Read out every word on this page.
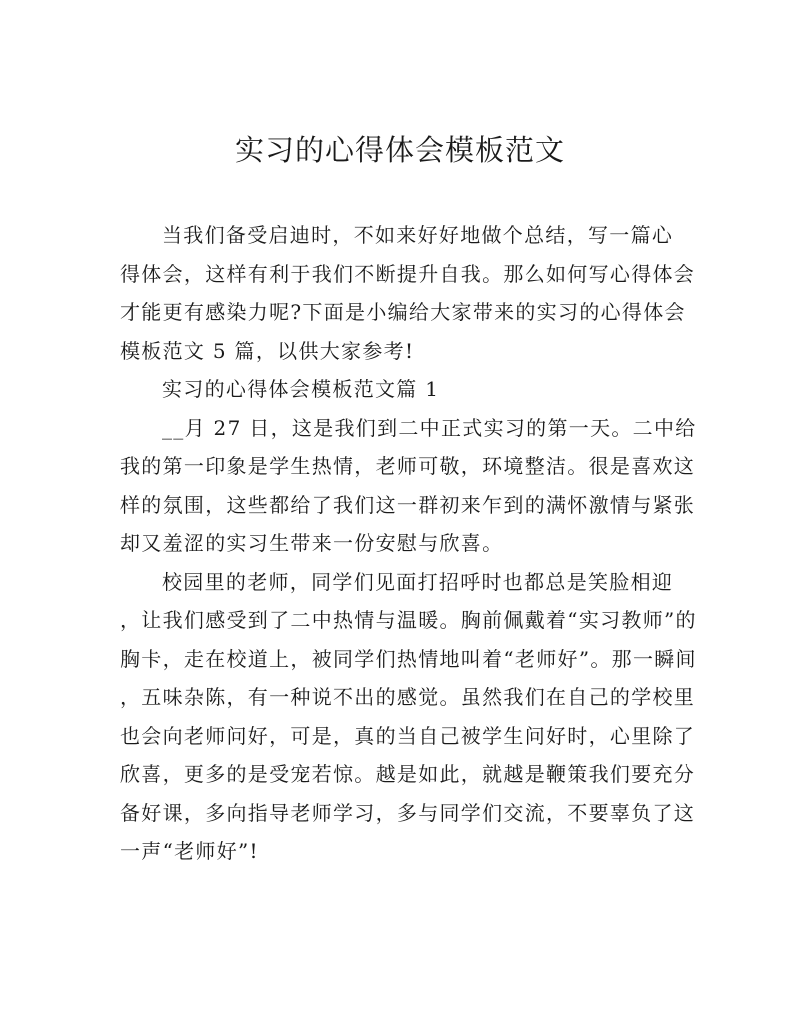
实习的心得体会模板范文
当我们备受启迪时，不如来好好地做个总结，写一篇心
得体会，这样有利于我们不断提升自我。那么如何写心得体会
才能更有感染力呢?下面是小编给大家带来的实习的心得体会
模板范文 5 篇，以供大家参考!
实习的心得体会模板范文篇 1
__月 27 日，这是我们到二中正式实习的第一天。二中给
我的第一印象是学生热情，老师可敬，环境整洁。很是喜欢这
样的氛围，这些都给了我们这一群初来乍到的满怀激情与紧张
却又羞涩的实习生带来一份安慰与欣喜。
校园里的老师，同学们见面打招呼时也都总是笑脸相迎
，让我们感受到了二中热情与温暖。胸前佩戴着“实习教师”的
胸卡，走在校道上，被同学们热情地叫着“老师好”。那一瞬间
，五味杂陈，有一种说不出的感觉。虽然我们在自己的学校里
也会向老师问好，可是，真的当自己被学生问好时，心里除了
欣喜，更多的是受宠若惊。越是如此，就越是鞭策我们要充分
备好课，多向指导老师学习，多与同学们交流，不要辜负了这
一声“老师好”!
